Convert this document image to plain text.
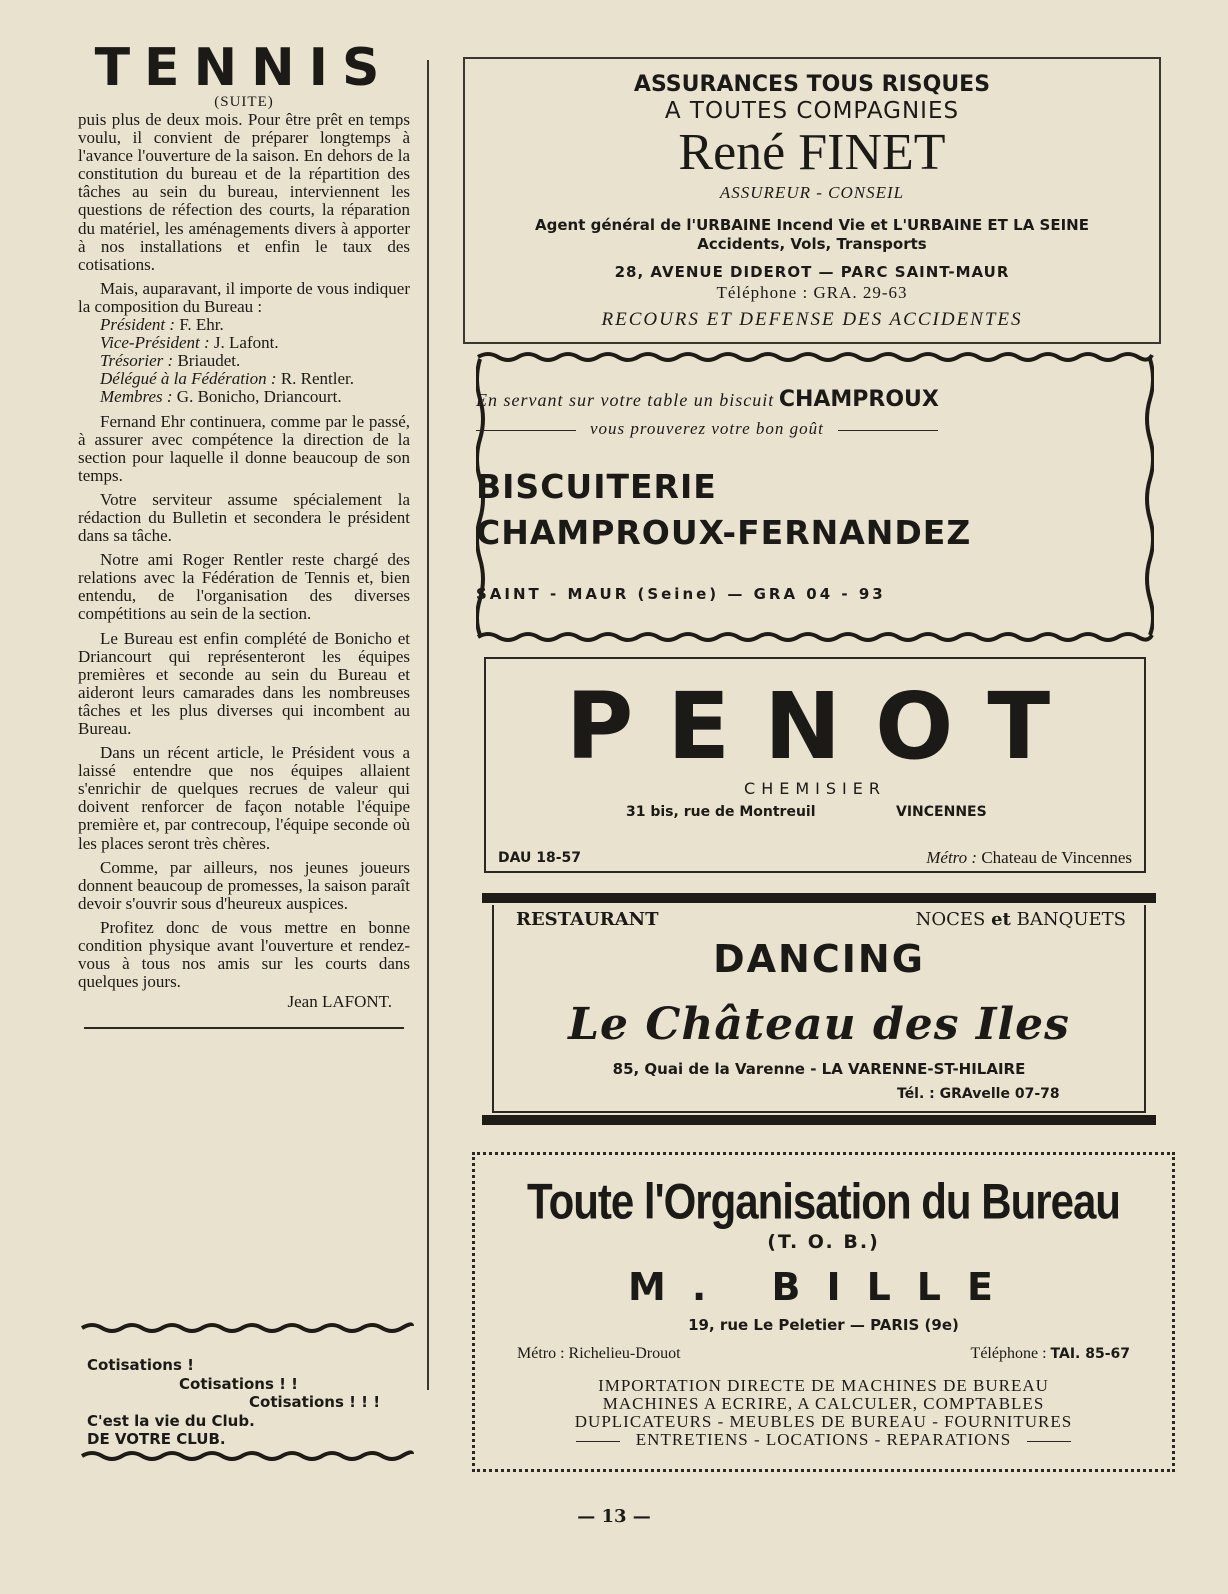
TENNIS
(SUITE)

puis plus de deux mois. Pour être prêt en temps voulu, il convient de préparer longtemps à l'avance l'ouverture de la saison. En dehors de la constitution du bureau et de la répartition des tâches au sein du bureau, interviennent les questions de réfection des courts, la réparation du matériel, les aménagements divers à apporter à nos installations et enfin le taux des cotisations.

Mais, auparavant, il importe de vous indiquer la composition du Bureau :

Président : F. Ehr.
Vice-Président : J. Lafont.
Trésorier : Briaudet.
Délégué à la Fédération : R. Rentler.
Membres : G. Bonicho, Driancourt.

Fernand Ehr continuera, comme par le passé, à assurer avec compétence la direction de la section pour laquelle il donne beaucoup de son temps.

Votre serviteur assume spécialement la rédaction du Bulletin et secondera le président dans sa tâche.

Notre ami Roger Rentler reste chargé des relations avec la Fédération de Tennis et, bien entendu, de l'organisation des diverses compétitions au sein de la section.

Le Bureau est enfin complété de Bonicho et Driancourt qui représenteront les équipes premières et seconde au sein du Bureau et aideront leurs camarades dans les nombreuses tâches et les plus diverses qui incombent au Bureau.

Dans un récent article, le Président vous a laissé entendre que nos équipes allaient s'enrichir de quelques recrues de valeur qui doivent renforcer de façon notable l'équipe première et, par contrecoup, l'équipe seconde où les places seront très chères.

Comme, par ailleurs, nos jeunes joueurs donnent beaucoup de promesses, la saison paraît devoir s'ouvrir sous d'heureux auspices.

Profitez donc de vous mettre en bonne condition physique avant l'ouverture et rendez-vous à tous nos amis sur les courts dans quelques jours.

Jean LAFONT.
Cotisations !
Cotisations ! !
Cotisations ! ! !
C'est la vie du Club.
DE VOTRE CLUB.
ASSURANCES TOUS RISQUES
A TOUTES COMPAGNIES
René FINET
ASSUREUR - CONSEIL
Agent général de l'URBAINE Incend Vie et L'URBAINE ET LA SEINE
Accidents, Vols, Transports
28, AVENUE DIDEROT — PARC SAINT-MAUR
Téléphone : GRA. 29-63
RECOURS ET DEFENSE DES ACCIDENTES
En servant sur votre table un biscuit CHAMPROUX
vous prouverez votre bon goût
BISCUITERIE
CHAMPROUX-FERNANDEZ
SAINT - MAUR (Seine) — GRA 04 - 93
PENOT
CHEMISIER
31 bis, rue de Montreuil	VINCENNES
DAU 18-57	Métro : Chateau de Vincennes
RESTAURANT	NOCES et BANQUETS
DANCING
Le Château des Iles
85, Quai de la Varenne - LA VARENNE-ST-HILAIRE
Tél. : GRAvelle 07-78
Toute l'Organisation du Bureau
(T. O. B.)
M. BILLE
19, rue Le Peletier — PARIS (9e)
Métro : Richelieu-Drouot	Téléphone : TAI. 85-67
IMPORTATION DIRECTE DE MACHINES DE BUREAU
MACHINES A ECRIRE, A CALCULER, COMPTABLES
DUPLICATEURS - MEUBLES DE BUREAU - FOURNITURES
ENTRETIENS - LOCATIONS - REPARATIONS
— 13 —
